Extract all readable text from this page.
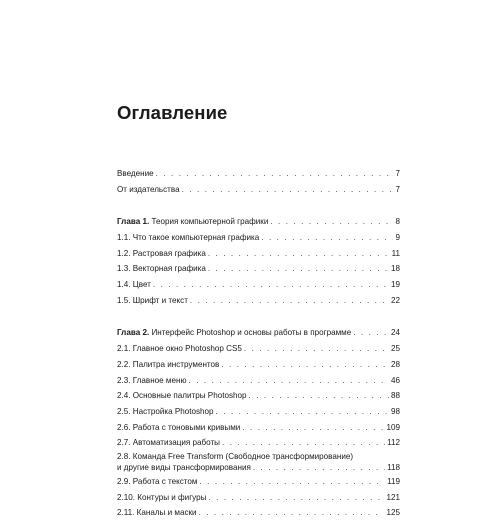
Оглавление
Введение . . .	7
От издательства . . .	7
Глава 1. Теория компьютерной графики . . .	8
1.1. Что такое компьютерная графика . . .	9
1.2. Растровая графика . . .	11
1.3. Векторная графика . . .	18
1.4. Цвет . . .	19
1.5. Шрифт и текст . . .	22
Глава 2. Интерфейс Photoshop и основы работы в программе . . .	24
2.1. Главное окно Photoshop CS5 . . .	25
2.2. Палитра инструментов . . .	28
2.3. Главное меню . . .	46
2.4. Основные палитры Photoshop . . .	88
2.5. Настройка Photoshop . . .	98
2.6. Работа с тоновыми кривыми . . .	109
2.7. Автоматизация работы . . .	112
2.8. Команда Free Transform (Свободное трансформирование)
и другие виды трансформирования . . .	118
2.9. Работа с текстом . . .	119
2.10. Контуры и фигуры . . .	121
2.11. Каналы и маски . . .	125
